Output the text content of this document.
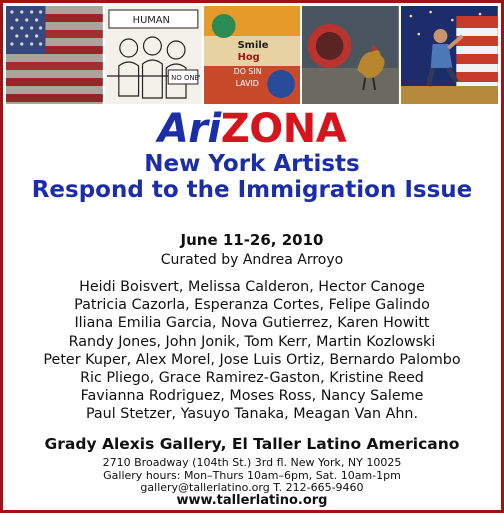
HUMAN
NO ONE
Smile
Hog
DO SIN
LAVID
AriZONA
New York Artists
Respond to the Immigration Issue
June 11-26, 2010
Curated by Andrea Arroyo
Heidi Boisvert, Melissa Calderon, Hector Canoge
Patricia Cazorla, Esperanza Cortes, Felipe Galindo
Iliana Emilia Garcia, Nova Gutierrez, Karen Howitt
Randy Jones, John Jonik, Tom Kerr, Martin Kozlowski
Peter Kuper, Alex Morel, Jose Luis Ortiz, Bernardo Palombo
Ric Pliego, Grace Ramirez-Gaston, Kristine Reed
Favianna Rodriguez, Moses Ross, Nancy Saleme
Paul Stetzer, Yasuyo Tanaka, Meagan Van Ahn.
Grady Alexis Gallery, El Taller Latino Americano
2710 Broadway (104th St.) 3rd fl. New York, NY 10025
Gallery hours: Mon–Thurs 10am–6pm, Sat. 10am-1pm
gallery@tallerlatino.org T. 212-665-9460
www.tallerlatino.org
